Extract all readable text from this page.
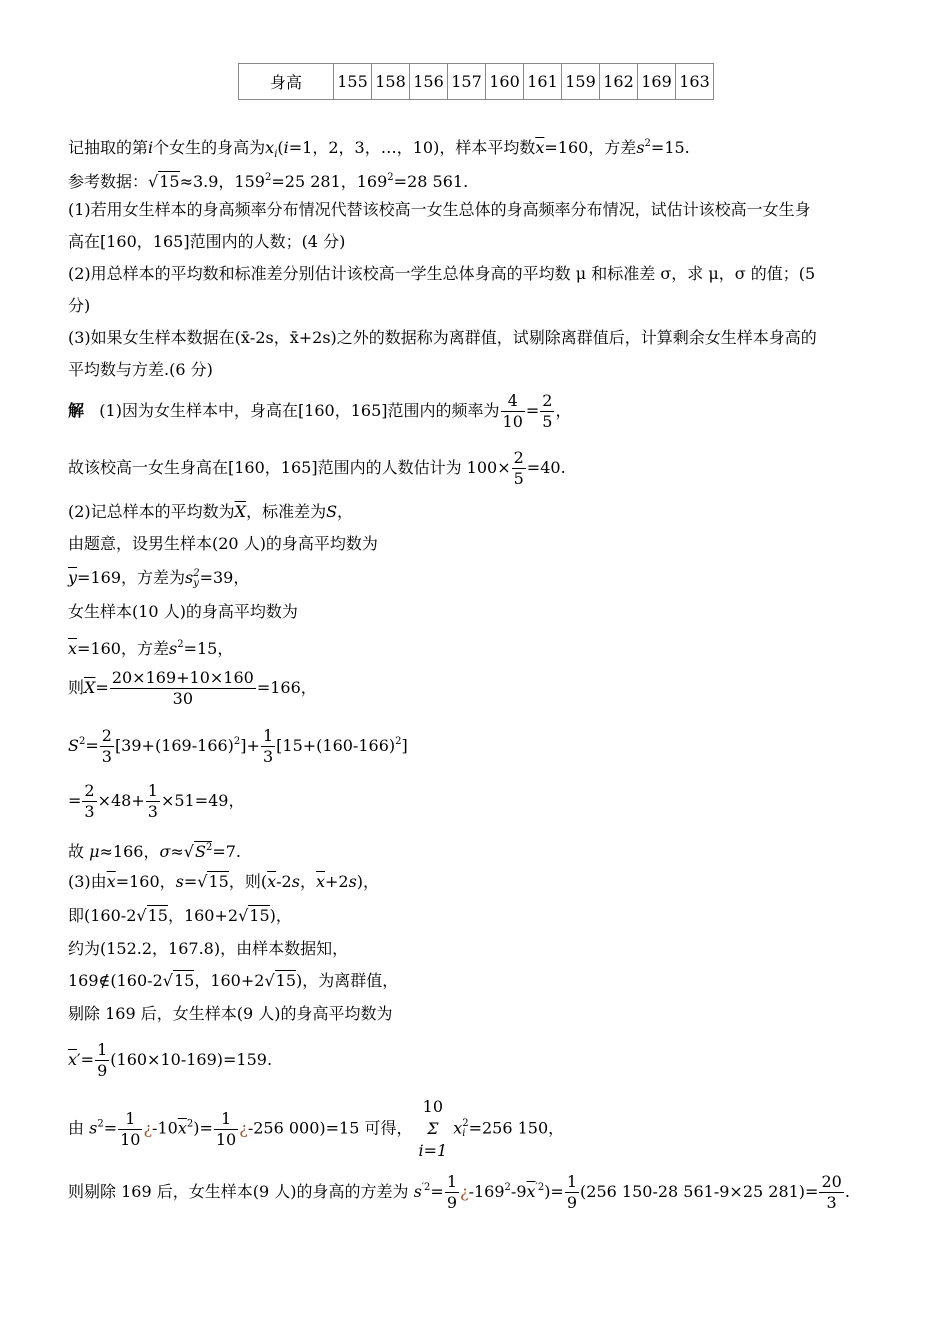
身高	155	158	156	157	160	161	159	162	169	163
记抽取的第i个女生的身高为$x_i(i=1$，2，3，…，10)，样本平均数$\overline{x}=160$，方差$s^2=15$.
参考数据：√15≈3.9，$159^2=25$ 281，$169^2=28$ 561.
(1)若用女生样本的身高频率分布情况代替该校高一女生总体的身高频率分布情况，试估计该校高一女生身
高在[160，165]范围内的人数；(4 分)
(2)用总样本的平均数和标准差分别估计该校高一学生总体身高的平均数 μ 和标准差 σ，求 μ，σ 的值；(5
分)
(3)如果女生样本数据在(x̄-2s，x̄+2s)之外的数据称为离群值，试剔除离群值后，计算剩余女生样本身高的
平均数与方差.(6 分)
解 (1)因为女生样本中，身高在[160，165]范围内的频率为 $\frac{4}{10} = \frac{2}{5}$ ，
故该校高一女生身高在[160，165]范围内的人数估计为 $100\times \frac{2}{5} =40$.
(2)记总样本的平均数为$\overline{X}$，标准差为S，
由题意，设男生样本(20 人)的身高平均数为
$\overline{y}=169$，方差为s 2
y =39，
女生样本(10 人)的身高平均数为
$\overline{x}=160$，方差$s^2=15$，
则$\overline{X}= \frac{20\times 169+10\times 160}{30} =166$，
$S^2= \frac{2}{3} [39+(169-166)^2]+ \frac{1}{3} [15+(160-166)^2]$
= $\frac{2}{3} \times 48+ \frac{1}{3} \times 51=49$，
故 μ≈166，$\sigma\approx√S^2=7$.
(3)由$\overline{x}=160$，s=√15，则($\overline{x}-2s$，$\overline{x}+2s$)，
即(160-2√15，160+2√15)，
约为(152.2，167.8)，由样本数据知，
169∉(160-2√15，160+2√15)，为离群值，
剔除 169 后，女生样本(9 人)的身高平均数为
$\overline{x}'= \frac{1}{9} (160\times 10-169)=159$.
由 $s^2= \frac{1}{10}$ ¿$-10\overline{x}^2)= \frac{1}{10}$ ¿-256 000)=15 可得，
10
Σ
i=1
x 2
i =256 150，
则剔除 169 后，女生样本(9 人)的身高的方差为 $s^{'2}= \frac{1}{9}$ ¿$-169^2-9\overline{x}^{'2})= \frac{1}{9} (256$ 150-28 561-9×25 $281)= \frac{20}{3}$ .
